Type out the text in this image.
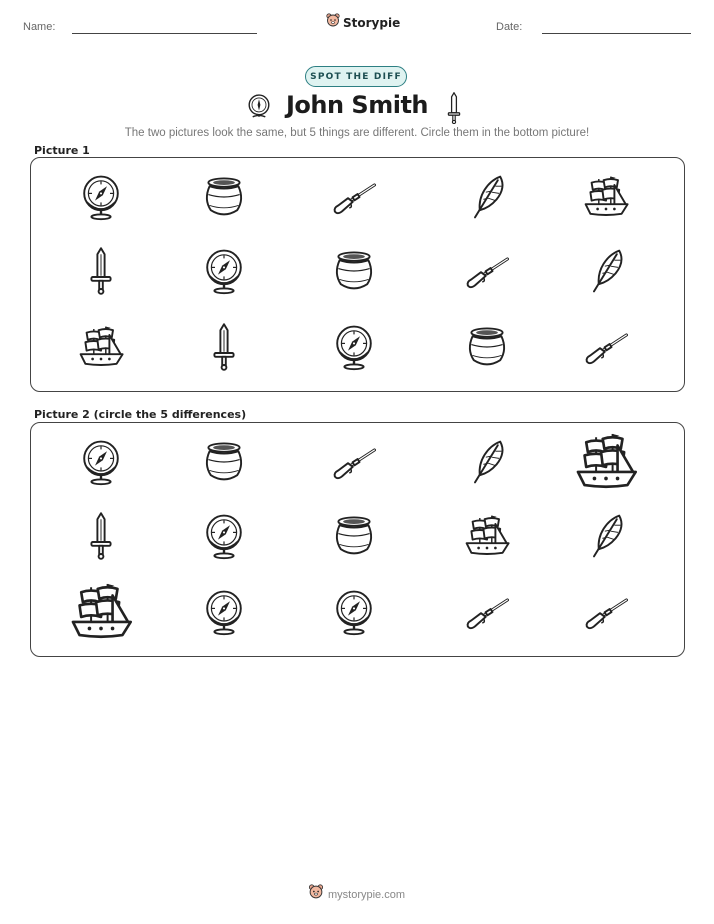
Name:	Storypie	Date:
SPOT THE DIFF
John Smith
The two pictures look the same, but 5 things are different. Circle them in the bottom picture!
Picture 1
Picture 2 (circle the 5 differences)
mystorypie.com
